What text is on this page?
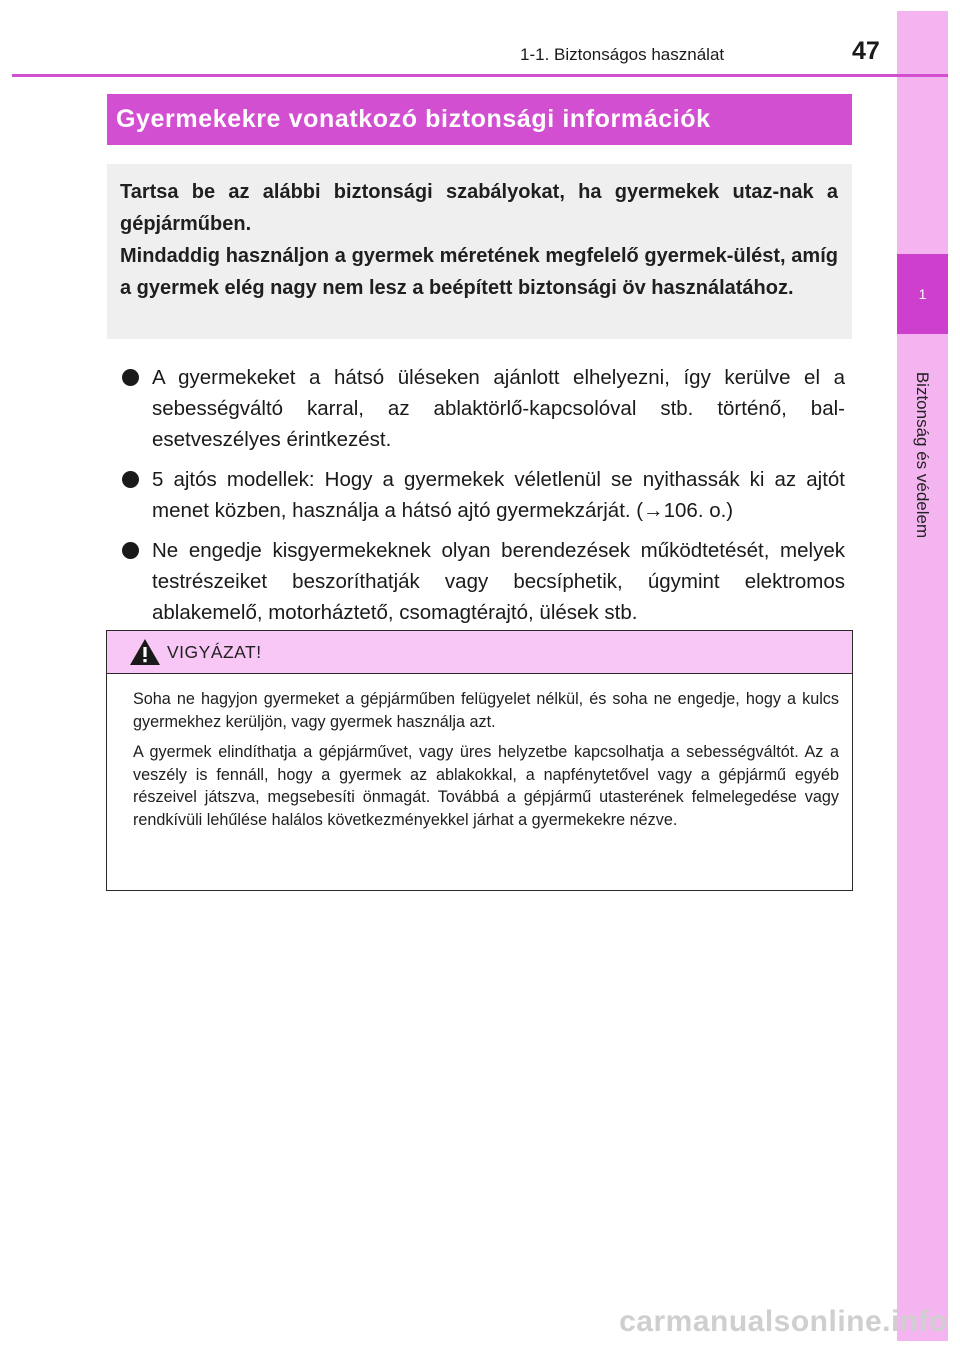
1
Biztonság és védelem
1-1. Biztonságos használat	47
Gyermekekre vonatkozó biztonsági információk

Tartsa be az alábbi biztonsági szabályokat, ha gyermekek utaz-nak a gépjárműben.

Mindaddig használjon a gyermek méretének megfelelő gyermek-ülést, amíg a gyermek elég nagy nem lesz a beépített biztonsági öv használatához.

A gyermekeket a hátsó üléseken ajánlott elhelyezni, így kerülve el a sebességváltó karral, az ablaktörlő-kapcsolóval stb. történő, bal-esetveszélyes érintkezést.
5 ajtós modellek: Hogy a gyermekek véletlenül se nyithassák ki az ajtót menet közben, használja a hátsó ajtó gyermekzárját. (→106. o.)
Ne engedje kisgyermekeknek olyan berendezések működtetését, melyek testrészeiket beszoríthatják vagy becsíphetik, úgymint elektromos ablakemelő, motorháztető, csomagtérajtó, ülések stb.
VIGYÁZAT!

Soha ne hagyjon gyermeket a gépjárműben felügyelet nélkül, és soha ne engedje, hogy a kulcs gyermekhez kerüljön, vagy gyermek használja azt.

A gyermek elindíthatja a gépjárművet, vagy üres helyzetbe kapcsolhatja a sebességváltót. Az a veszély is fennáll, hogy a gyermek az ablakokkal, a napfénytetővel vagy a gépjármű egyéb részeivel játszva, megsebesíti önmagát. Továbbá a gépjármű utasterének felmelegedése vagy rendkívüli lehűlése halálos következményekkel járhat a gyermekekre nézve.

carmanualsonline.info
